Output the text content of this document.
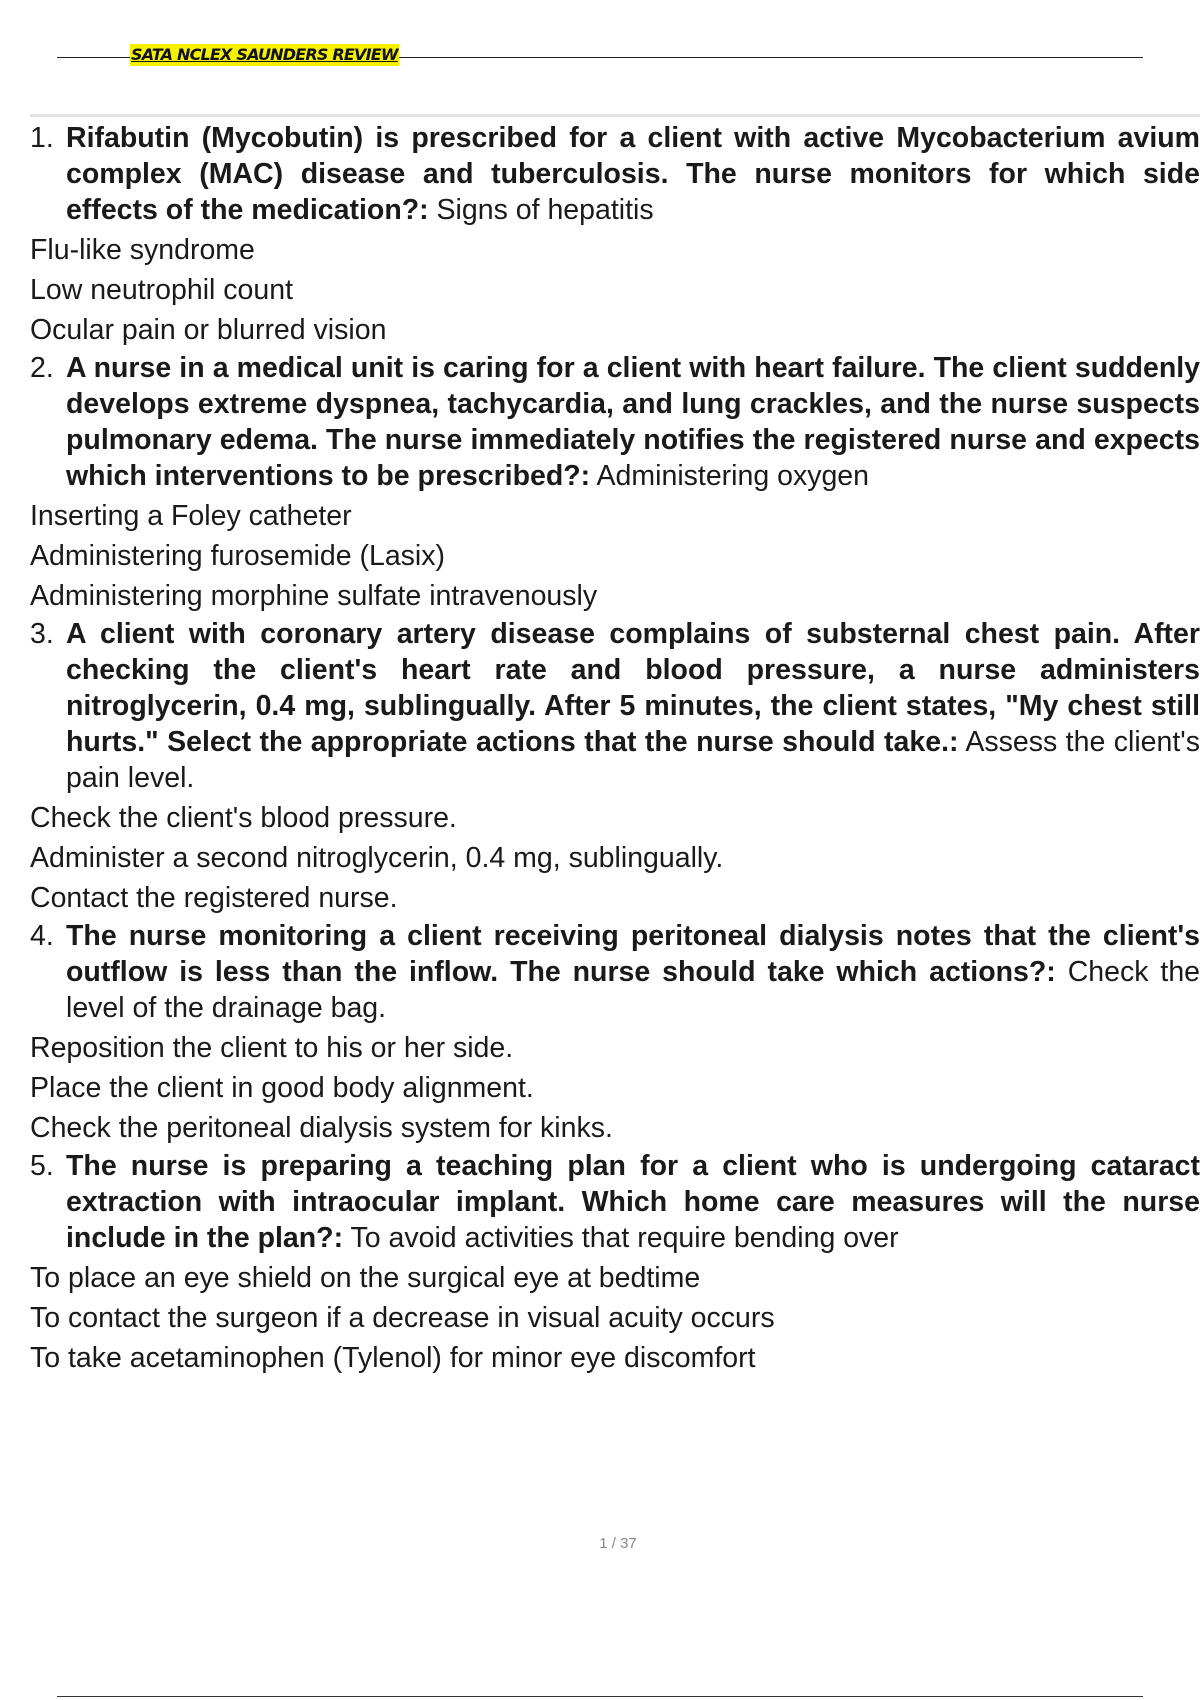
SATA NCLEX SAUNDERS REVIEW
1. Rifabutin (Mycobutin) is prescribed for a client with active Mycobacterium avium complex (MAC) disease and tuberculosis. The nurse monitors for which side effects of the medication?: Signs of hepatitis
Flu-like syndrome
Low neutrophil count
Ocular pain or blurred vision
2. A nurse in a medical unit is caring for a client with heart failure. The client suddenly develops extreme dyspnea, tachycardia, and lung crackles, and the nurse suspects pulmonary edema. The nurse immediately notifies the registered nurse and expects which interventions to be prescribed?: Administering oxygen
Inserting a Foley catheter
Administering furosemide (Lasix)
Administering morphine sulfate intravenously
3. A client with coronary artery disease complains of substernal chest pain. After checking the client's heart rate and blood pressure, a nurse administers nitroglycerin, 0.4 mg, sublingually. After 5 minutes, the client states, "My chest still hurts." Select the appropriate actions that the nurse should take.: Assess the client's pain level.
Check the client's blood pressure.
Administer a second nitroglycerin, 0.4 mg, sublingually.
Contact the registered nurse.
4. The nurse monitoring a client receiving peritoneal dialysis notes that the client's outflow is less than the inflow. The nurse should take which actions?: Check the level of the drainage bag.
Reposition the client to his or her side.
Place the client in good body alignment.
Check the peritoneal dialysis system for kinks.
5. The nurse is preparing a teaching plan for a client who is undergoing cataract extraction with intraocular implant. Which home care measures will the nurse include in the plan?: To avoid activities that require bending over
To place an eye shield on the surgical eye at bedtime
To contact the surgeon if a decrease in visual acuity occurs
To take acetaminophen (Tylenol) for minor eye discomfort
1 / 37
